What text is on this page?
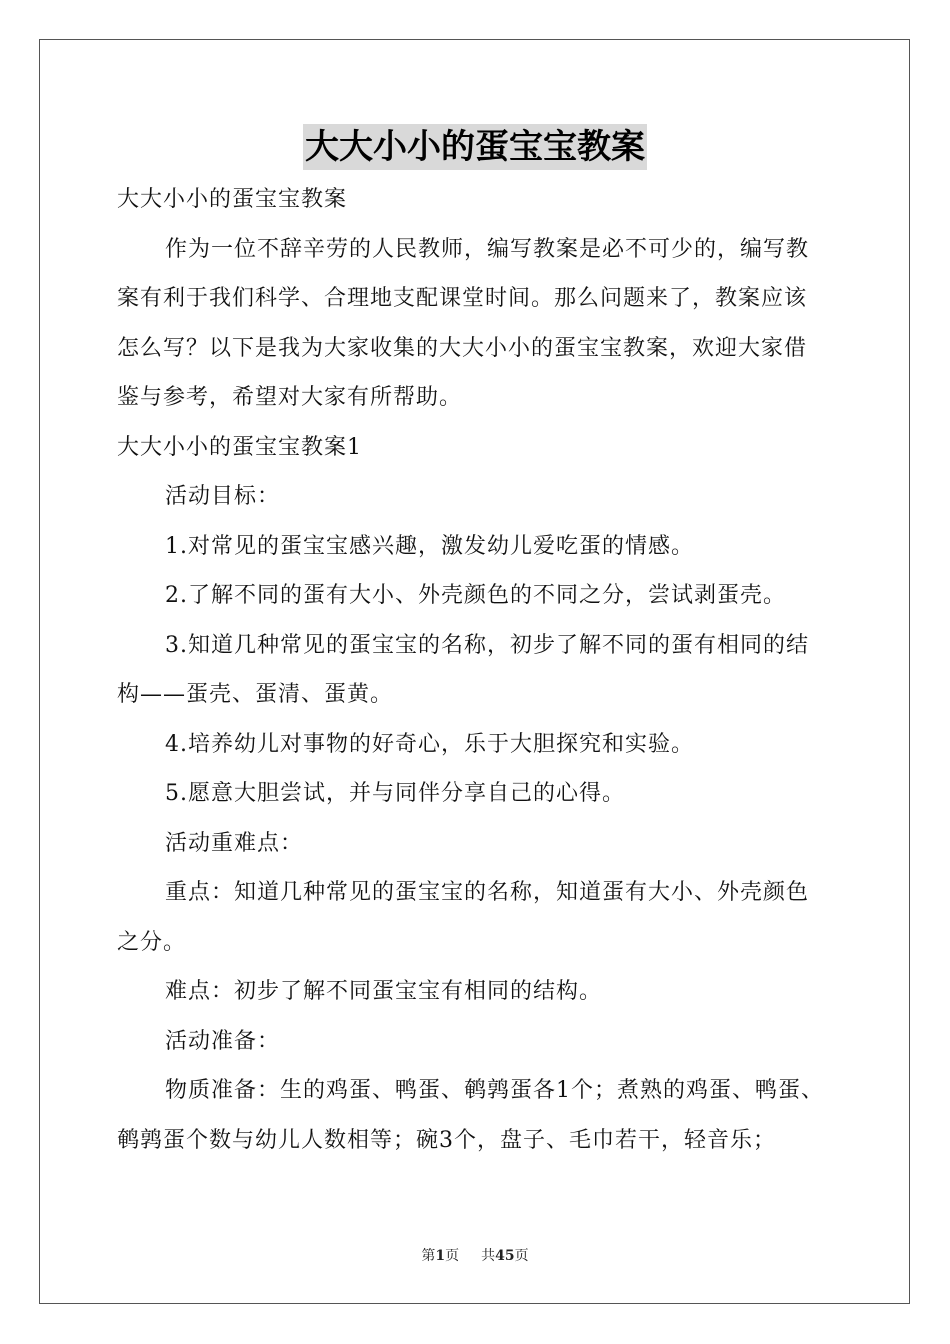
大大小小的蛋宝宝教案

大大小小的蛋宝宝教案

作为一位不辞辛劳的人民教师，编写教案是必不可少的，编写教

案有利于我们科学、合理地支配课堂时间。那么问题来了，教案应该

怎么写？以下是我为大家收集的大大小小的蛋宝宝教案，欢迎大家借

鉴与参考，希望对大家有所帮助。

大大小小的蛋宝宝教案1

活动目标：

1.对常见的蛋宝宝感兴趣，激发幼儿爱吃蛋的情感。

2.了解不同的蛋有大小、外壳颜色的不同之分，尝试剥蛋壳。

3.知道几种常见的蛋宝宝的名称，初步了解不同的蛋有相同的结

构——蛋壳、蛋清、蛋黄。

4.培养幼儿对事物的好奇心，乐于大胆探究和实验。

5.愿意大胆尝试，并与同伴分享自己的心得。

活动重难点：

重点：知道几种常见的蛋宝宝的名称，知道蛋有大小、外壳颜色

之分。

难点：初步了解不同蛋宝宝有相同的结构。

活动准备：

物质准备：生的鸡蛋、鸭蛋、鹌鹑蛋各1个；煮熟的鸡蛋、鸭蛋、

鹌鹑蛋个数与幼儿人数相等；碗3个，盘子、毛巾若干，轻音乐；

第1页 共45页
